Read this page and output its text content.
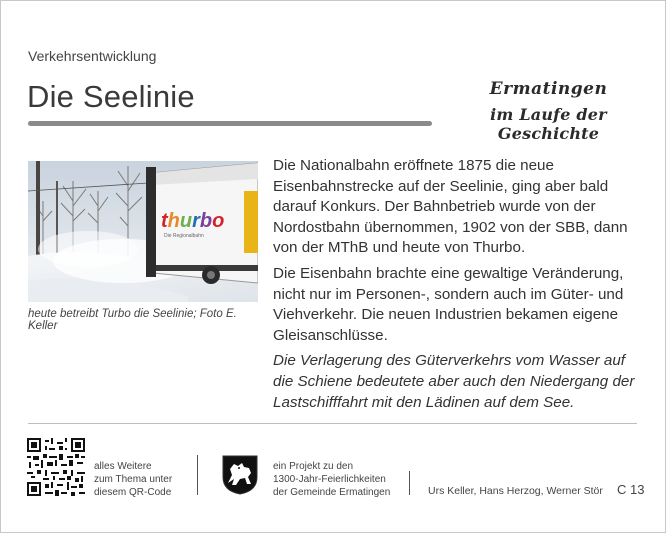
Verkehrsentwicklung
Die Seelinie	Ermatingen
im Laufe der Geschichte
thurbo
Die Regionalbahn
heute betreibt Turbo die Seelinie; Foto E. Keller

Die Nationalbahn eröffnete 1875 die neue Eisenbahnstrecke auf der Seelinie, ging aber bald darauf Konkurs. Der Bahnbetrieb wurde von der Nordostbahn übernommen, 1902 von der SBB, dann von der MThB und heute von Thurbo.

Die Eisenbahn brachte eine gewaltige Veränderung, nicht nur im Personen-, sondern auch im Güter- und Viehverkehr. Die neuen Industrien bekamen eigene Gleisanschlüsse.

Die Verlagerung des Güterverkehrs vom Wasser auf die Schiene bedeutete aber auch den Niedergang der Lastschifffahrt mit den Lädinen auf dem See.

alles Weitere
zum Thema unter
diesem QR-Code
ein Projekt zu den
1300-Jahr-Feierlichkeiten
der Gemeinde Ermatingen	Urs Keller, Hans Herzog, Werner Stör C 13
